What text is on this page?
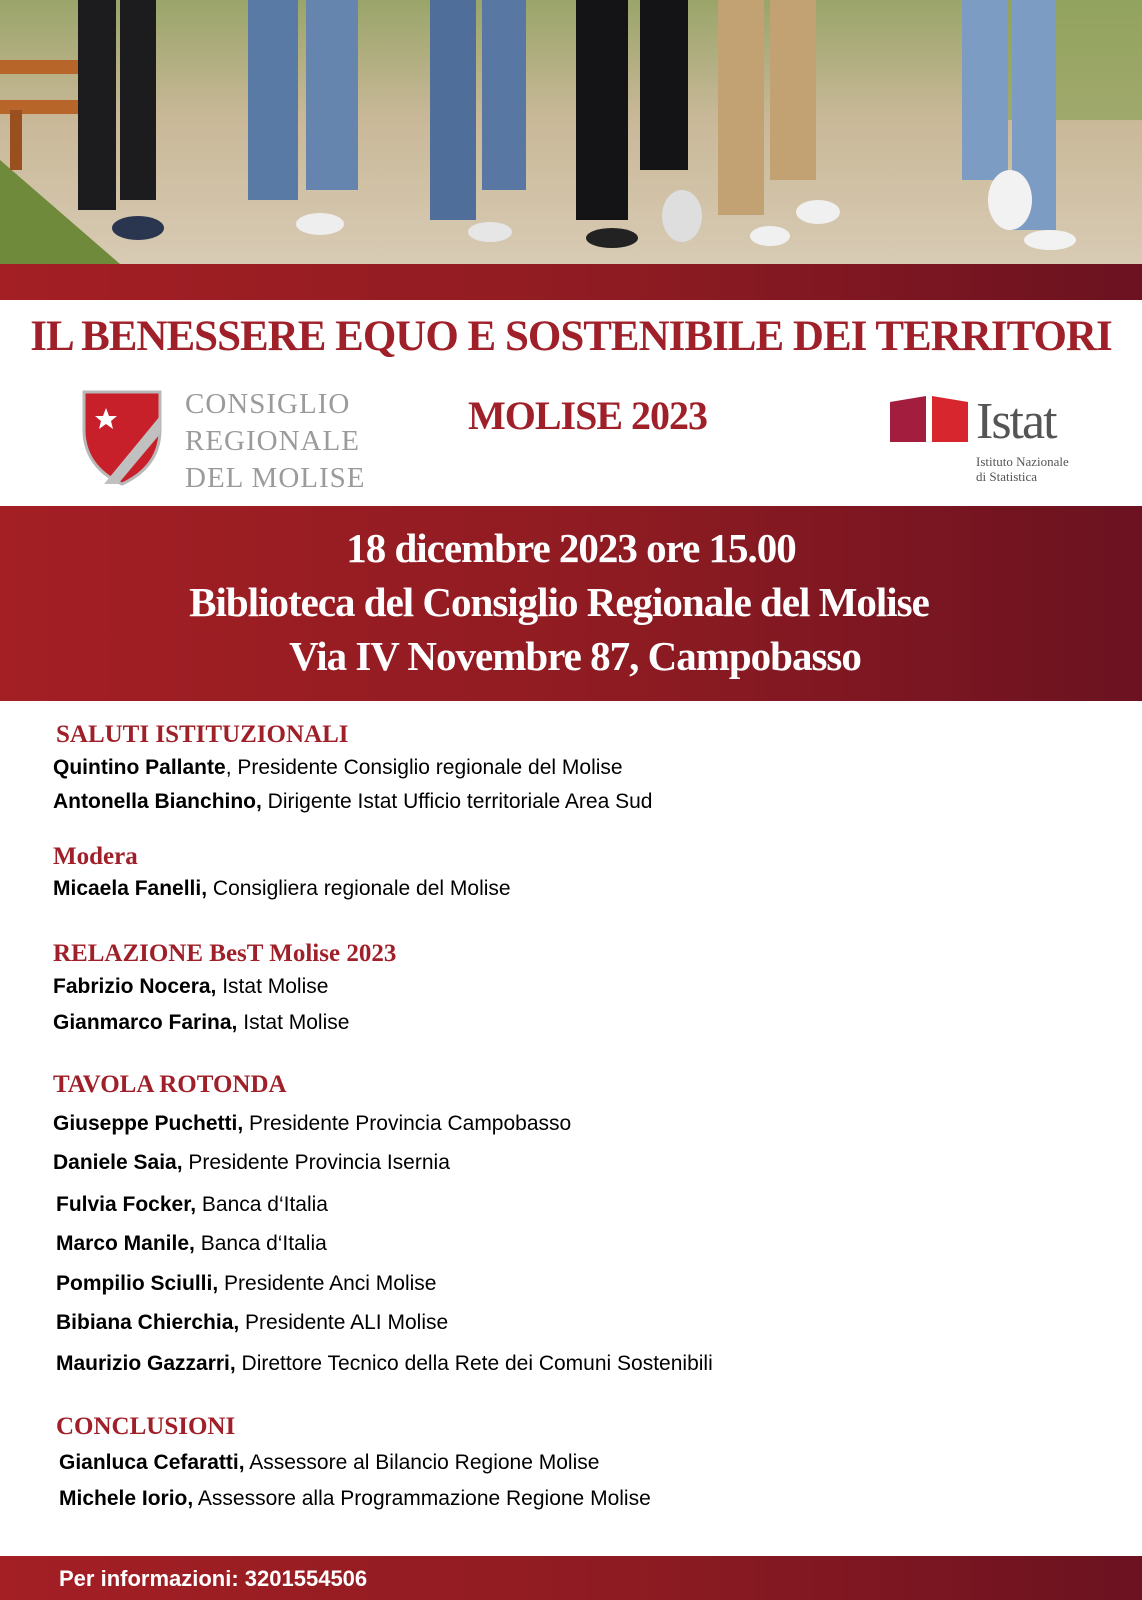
IL BENESSERE EQUO E SOSTENIBILE DEI TERRITORI
CONSIGLIO
REGIONALE
DEL MOLISE
MOLISE 2023	Istat
Istituto Nazionale
di Statistica
18 dicembre 2023 ore 15.00
Biblioteca del Consiglio Regionale del Molise
Via IV Novembre 87, Campobasso
SALUTI ISTITUZIONALI
Quintino Pallante, Presidente Consiglio regionale del Molise
Antonella Bianchino, Dirigente Istat Ufficio territoriale Area Sud
Modera
Micaela Fanelli, Consigliera regionale del Molise
RELAZIONE BesT Molise 2023
Fabrizio Nocera, Istat Molise
Gianmarco Farina, Istat Molise
TAVOLA ROTONDA
Giuseppe Puchetti, Presidente Provincia Campobasso
Daniele Saia, Presidente Provincia Isernia
Fulvia Focker, Banca d‘Italia
Marco Manile, Banca d‘Italia
Pompilio Sciulli, Presidente Anci Molise
Bibiana Chierchia, Presidente ALI Molise
Maurizio Gazzarri, Direttore Tecnico della Rete dei Comuni Sostenibili
CONCLUSIONI
Gianluca Cefaratti, Assessore al Bilancio Regione Molise
Michele Iorio, Assessore alla Programmazione Regione Molise
Per informazioni: 3201554506
